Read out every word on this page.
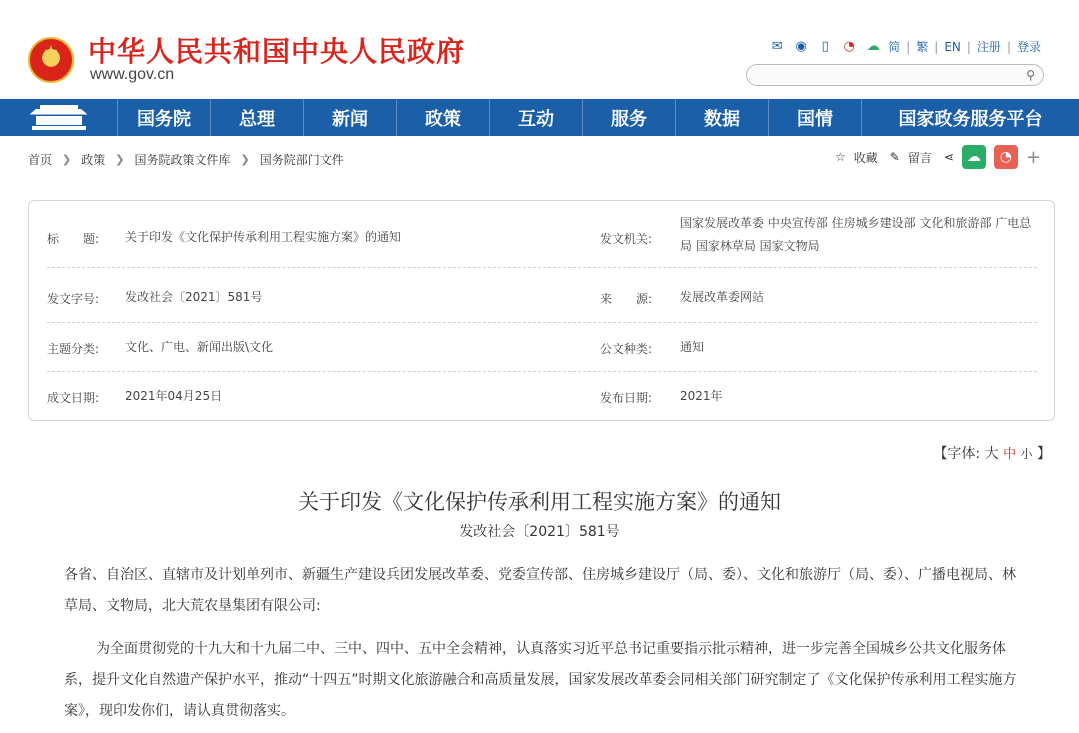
中华人民共和国中央人民政府
www.gov.cn
✉ ◉	▯	◔ ☁ 简 | 繁 | EN | 注册 | 登录
⚲
国务院	总理	新闻	政策	互动	服务	数据	国情	国家政务服务平台
首页 ❯ 政策 ❯ 国务院政策文件库 ❯ 国务院部门文件	☆ 收藏 ✎ 留言 ⋖ ☁	◔ +
标　　题: 关于印发《文化保护传承利用工程实施方案》的通知	发文机关:
国家发展改革委 中央宣传部 住房城乡建设部 文化和旅游部 广电总局 国家林草局 国家文物局
发文字号: 发改社会〔2021〕581号	来　　源: 发展改革委网站
主题分类: 文化、广电、新闻出版\文化	公文种类: 通知
成文日期: 2021年04月25日	发布日期: 2021年
【字体: 大 中 小 】
关于印发《文化保护传承利用工程实施方案》的通知
发改社会〔2021〕581号
各省、自治区、直辖市及计划单列市、新疆生产建设兵团发展改革委、党委宣传部、住房城乡建设厅（局、委）、文化和旅游厅（局、委）、广播电视局、林草局、文物局，北大荒农垦集团有限公司:
为全面贯彻党的十九大和十九届二中、三中、四中、五中全会精神，认真落实习近平总书记重要指示批示精神，进一步完善全国城乡公共文化服务体系，提升文化自然遗产保护水平，推动“十四五”时期文化旅游融合和高质量发展，国家发展改革委会同相关部门研究制定了《文化保护传承利用工程实施方案》，现印发你们，请认真贯彻落实。
